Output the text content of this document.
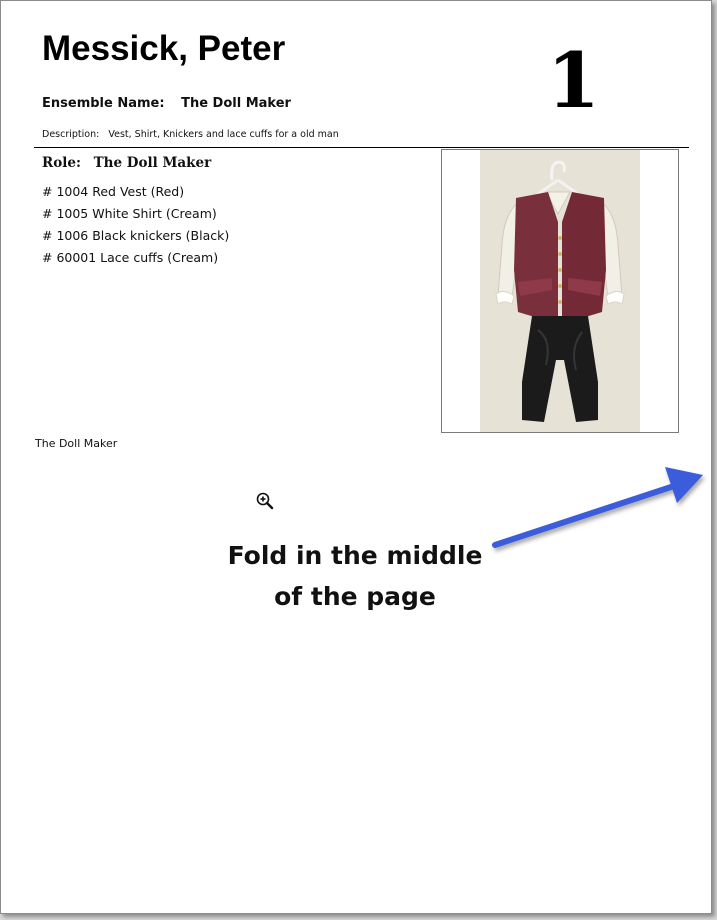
Messick, Peter	1
Ensemble Name: The Doll Maker
Description: Vest, Shirt, Knickers and lace cuffs for a old man
Role: The Doll Maker
# 1004 Red Vest (Red)
# 1005 White Shirt (Cream)
# 1006 Black knickers (Black)
# 60001 Lace cuffs (Cream)
The Doll Maker
Fold in the middle
of the page
